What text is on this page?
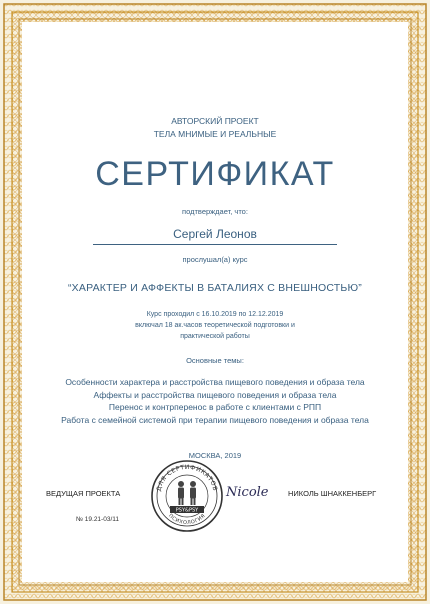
АВТОРСКИЙ ПРОЕКТ
ТЕЛА МНИМЫЕ И РЕАЛЬНЫЕ
СЕРТИФИКАТ
подтверждает, что:
Сергей Леонов
прослушал(а) курс
“ХАРАКТЕР И АФФЕКТЫ В БАТАЛИЯХ С ВНЕШНОСТЬЮ”
Курс проходил с 16.10.2019 по 12.12.2019
включал 18 ак.часов теоретической подготовки и
практической работы
Основные темы:
Особенности характера и расстройства пищевого поведения и образа тела
Аффекты и расстройства пищевого поведения и образа тела
Перенос и контрперенос в работе с клиентами с РПП
Работа с семейной системой при терапии пищевого поведения и образа тела
МОСКВА, 2019
ВЕДУЩАЯ ПРОЕКТА	НИКОЛЬ ШНАККЕНБЕРГ
№ 19.21-03/11
ДЛЯ СЕРТИФИКАТОВ
ПСИХОЛОГИЯ
PSY&PSY
Nicole
